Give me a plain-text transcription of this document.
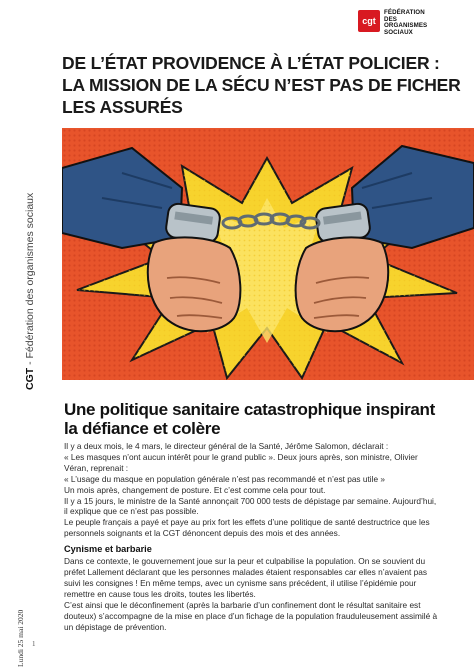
cgt
FÉDÉRATION
DES
ORGANISMES
SOCIAUX
CGT - Fédération des organismes sociaux
Lundi 25 mai 2020 1
DE L’ÉTAT PROVIDENCE À L’ÉTAT POLICIER :
LA MISSION DE LA SÉCU N’EST PAS DE FICHER
LES ASSURÉS
Une politique sanitaire catastrophique inspirant
la défiance et colère

Il y a deux mois, le 4 mars, le directeur général de la Santé, Jérôme Salomon, déclarait :

« Les masques n’ont aucun intérêt pour le grand public ». Deux jours après, son ministre, Olivier Véran, reprenait :

« L’usage du masque en population générale n’est pas recommandé et n’est pas utile »

Un mois après, changement de posture. Et c’est comme cela pour tout.

Il y a 15 jours, le ministre de la Santé annonçait 700 000 tests de dépistage par semaine. Aujourd’hui, il explique que ce n’est pas possible.

Le peuple français a payé et paye au prix fort les effets d’une politique de santé destructrice que les personnels soignants et la CGT dénoncent depuis des mois et des années.

Cynisme et barbarie

Dans ce contexte, le gouvernement joue sur la peur et culpabilise la population. On se souvient du préfet Lallement déclarant que les personnes malades étaient responsables car elles n’avaient pas suivi les consignes ! En même temps, avec un cynisme sans précédent, il utilise l’épidémie pour remettre en cause tous les droits, toutes les libertés.

C’est ainsi que le déconfinement (après la barbarie d’un confinement dont le résultat sanitaire est douteux) s’accompagne de la mise en place d’un fichage de la population frauduleusement assimilé à un dépistage de prévention.
